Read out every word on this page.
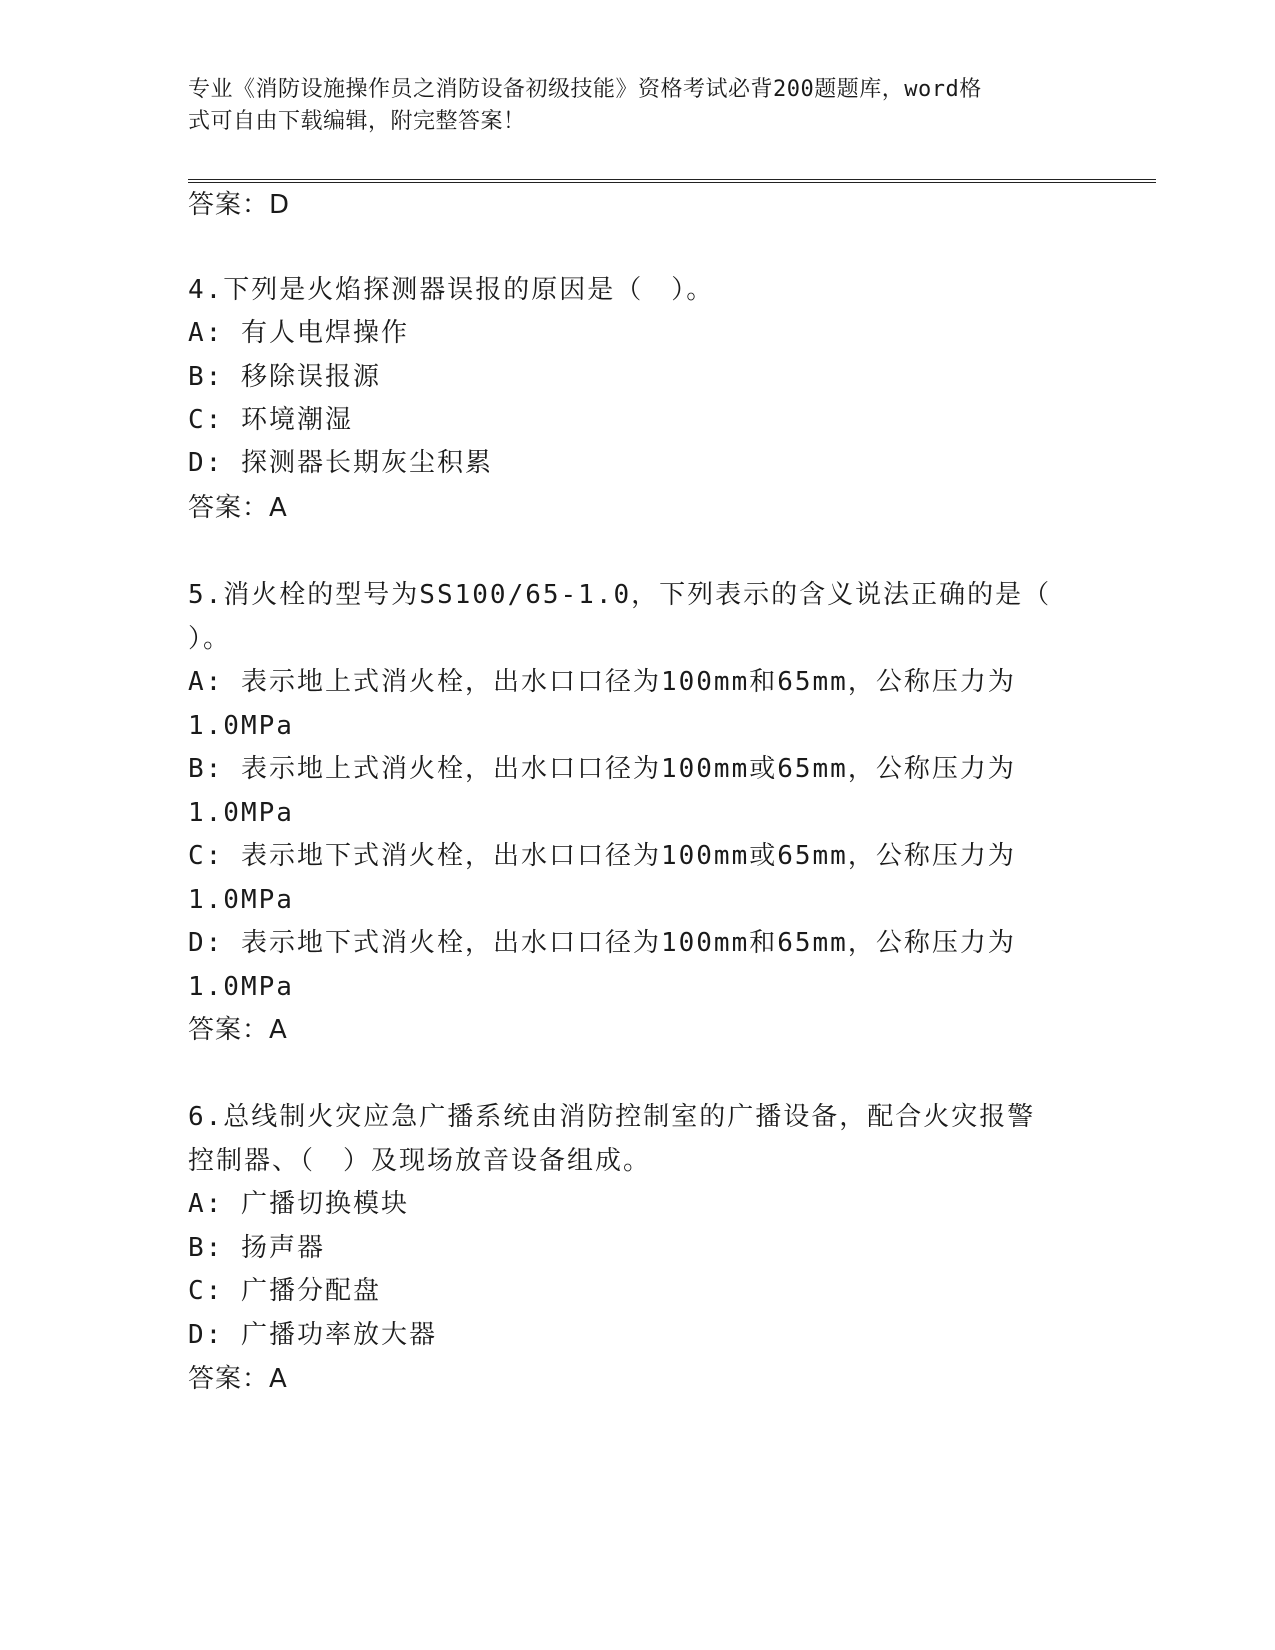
专业《消防设施操作员之消防设备初级技能》资格考试必背200题题库，word格
式可自由下载编辑，附完整答案！
答案：D
4.下列是火焰探测器误报的原因是（　）。
A: 有人电焊操作
B: 移除误报源
C: 环境潮湿
D: 探测器长期灰尘积累
答案：A
5.消火栓的型号为SS100/65-1.0，下列表示的含义说法正确的是（
）。
A: 表示地上式消火栓，出水口口径为100mm和65mm，公称压力为
1.0MPa
B: 表示地上式消火栓，出水口口径为100mm或65mm，公称压力为
1.0MPa
C: 表示地下式消火栓，出水口口径为100mm或65mm，公称压力为
1.0MPa
D: 表示地下式消火栓，出水口口径为100mm和65mm，公称压力为
1.0MPa
答案：A
6.总线制火灾应急广播系统由消防控制室的广播设备，配合火灾报警
控制器、（　）及现场放音设备组成。
A: 广播切换模块
B: 扬声器
C: 广播分配盘
D: 广播功率放大器
答案：A
